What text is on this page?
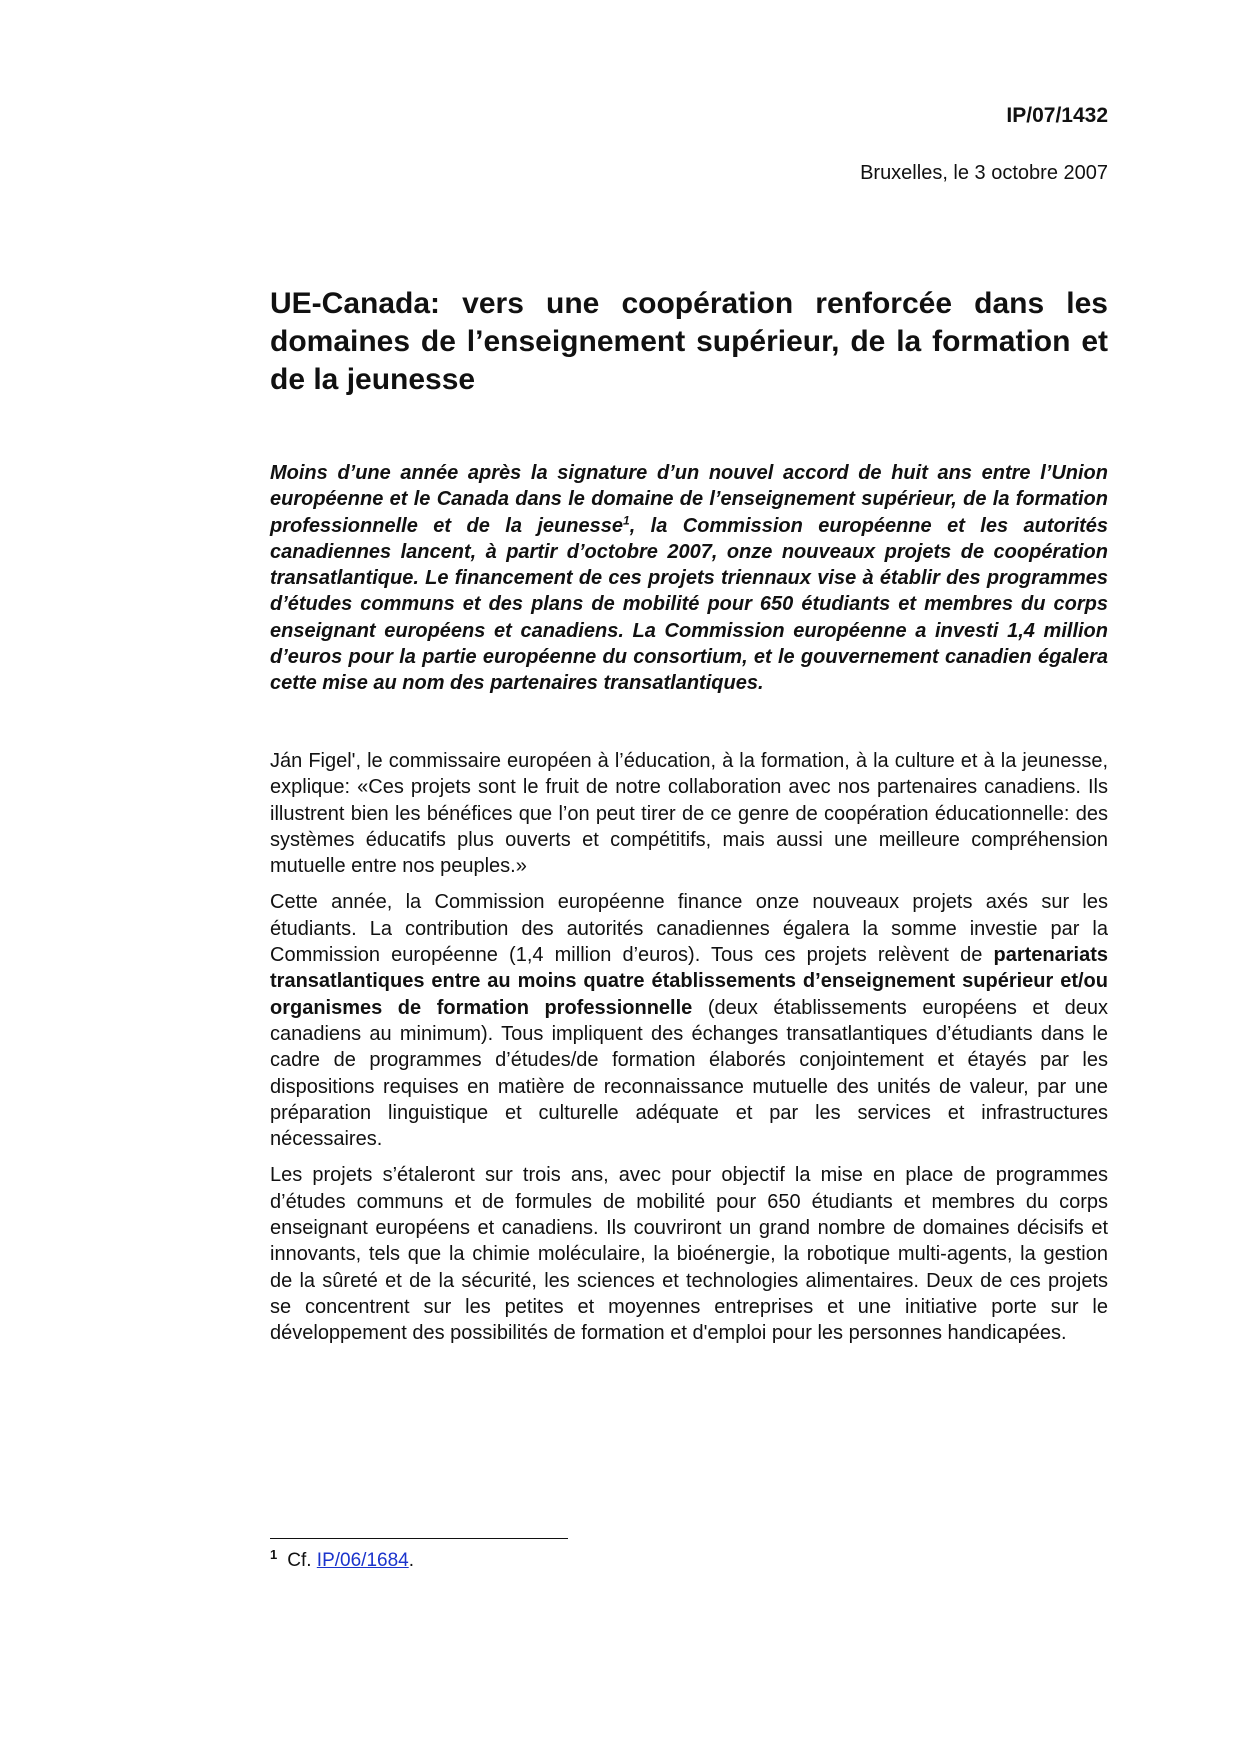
IP/07/1432
Bruxelles, le 3 octobre 2007
UE-Canada: vers une coopération renforcée dans les domaines de l’enseignement supérieur, de la formation et de la jeunesse

Moins d’une année après la signature d’un nouvel accord de huit ans entre l’Union européenne et le Canada dans le domaine de l’enseignement supérieur, de la formation professionnelle et de la jeunesse$^1$, la Commission européenne et les autorités canadiennes lancent, à partir d’octobre 2007, onze nouveaux projets de coopération transatlantique. Le financement de ces projets triennaux vise à établir des programmes d’études communs et des plans de mobilité pour 650 étudiants et membres du corps enseignant européens et canadiens. La Commission européenne a investi 1,4 million d’euros pour la partie européenne du consortium, et le gouvernement canadien égalera cette mise au nom des partenaires transatlantiques.

Ján Figel', le commissaire européen à l’éducation, à la formation, à la culture et à la jeunesse, explique: «Ces projets sont le fruit de notre collaboration avec nos partenaires canadiens. Ils illustrent bien les bénéfices que l’on peut tirer de ce genre de coopération éducationnelle: des systèmes éducatifs plus ouverts et compétitifs, mais aussi une meilleure compréhension mutuelle entre nos peuples.»

Cette année, la Commission européenne finance onze nouveaux projets axés sur les étudiants. La contribution des autorités canadiennes égalera la somme investie par la Commission européenne (1,4 million d’euros). Tous ces projets relèvent de partenariats transatlantiques entre au moins quatre établissements d’enseignement supérieur et/ou organismes de formation professionnelle (deux établissements européens et deux canadiens au minimum). Tous impliquent des échanges transatlantiques d’étudiants dans le cadre de programmes d’études/de formation élaborés conjointement et étayés par les dispositions requises en matière de reconnaissance mutuelle des unités de valeur, par une préparation linguistique et culturelle adéquate et par les services et infrastructures nécessaires.

Les projets s’étaleront sur trois ans, avec pour objectif la mise en place de programmes d’études communs et de formules de mobilité pour 650 étudiants et membres du corps enseignant européens et canadiens. Ils couvriront un grand nombre de domaines décisifs et innovants, tels que la chimie moléculaire, la bioénergie, la robotique multi-agents, la gestion de la sûreté et de la sécurité, les sciences et technologies alimentaires. Deux de ces projets se concentrent sur les petites et moyennes entreprises et une initiative porte sur le développement des possibilités de formation et d'emploi pour les personnes handicapées.

$^1$ Cf. IP/06/1684.
